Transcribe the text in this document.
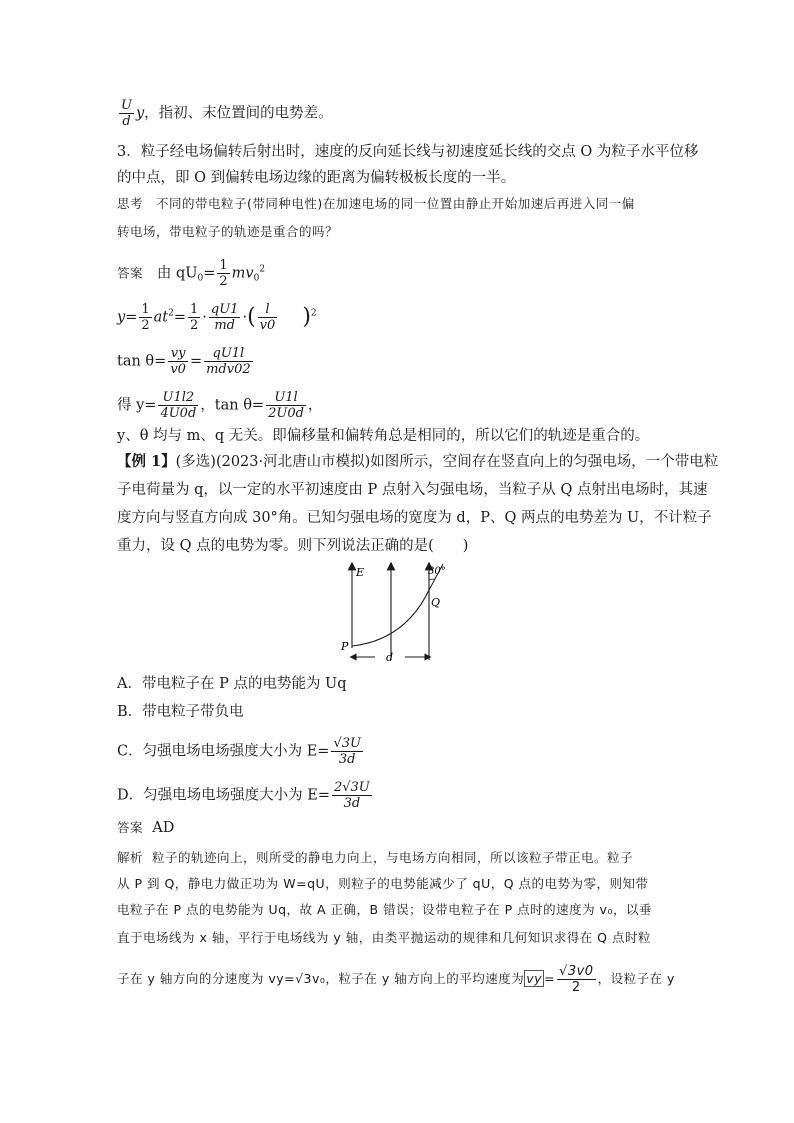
$\frac{U}{d}$ y，指初、末位置间的电势差。
3．粒子经电场偏转后射出时，速度的反向延长线与初速度延长线的交点 O 为粒子水平位移
的中点，即 O 到偏转电场边缘的距离为偏转极板长度的一半。
思考　不同的带电粒子(带同种电性)在加速电场的同一位置由静止开始加速后再进入同一偏
转电场，带电粒子的轨迹是重合的吗？
答案 由 $qU_0= \frac{1}{2} mv_0^2$
$y= \frac{1}{2} at^2= \frac{1}{2} \cdot \frac{qU1}{md}$ ·( $\frac{l}{v0} )^2$
$\tan \theta= \frac{vy}{v0} = \frac{qU1l}{\text{mdv02}}$
得 $y= \frac{U1l2}{4U0d}$ ，$\tan \theta= \frac{U1l}{2U0d}$ ，
y、θ 均与 m、q 无关。即偏移量和偏转角总是相同的，所以它们的轨迹是重合的。
【例 1】(多选)(2023·河北唐山市模拟)如图所示，空间存在竖直向上的匀强电场，一个带电粒
子电荷量为 q，以一定的水平初速度由 P 点射入匀强电场，当粒子从 Q 点射出电场时，其速
度方向与竖直方向成 30°角。已知匀强电场的宽度为 d，P、Q 两点的电势差为 U，不计粒子
重力，设 Q 点的电势为零。则下列说法正确的是(　　)
E	30°
Q
P
d
A．带电粒子在 P 点的电势能为 Uq
B．带电粒子带负电
C．匀强电场电场强度大小为 $E= \frac{√3U}{3d}$
D．匀强电场电场强度大小为 $E= \frac{2√3U}{3d}$
答案 AD
解析 粒子的轨迹向上，则所受的静电力向上，与电场方向相同，所以该粒子带正电。粒子
从 P 到 Q，静电力做正功为 W=qU，则粒子的电势能减少了 qU，Q 点的电势为零，则知带
电粒子在 P 点的电势能为 Uq，故 A 正确，B 错误；设带电粒子在 P 点时的速度为 v₀，以垂
直于电场线为 x 轴，平行于电场线为 y 轴，由类平抛运动的规律和几何知识求得在 Q 点时粒
子在 y 轴方向的分速度为 vy=√3v₀，粒子在 y 轴方向上的平均速度为 vy = $\frac{√3v0}{2}$ ，设粒子在 y
